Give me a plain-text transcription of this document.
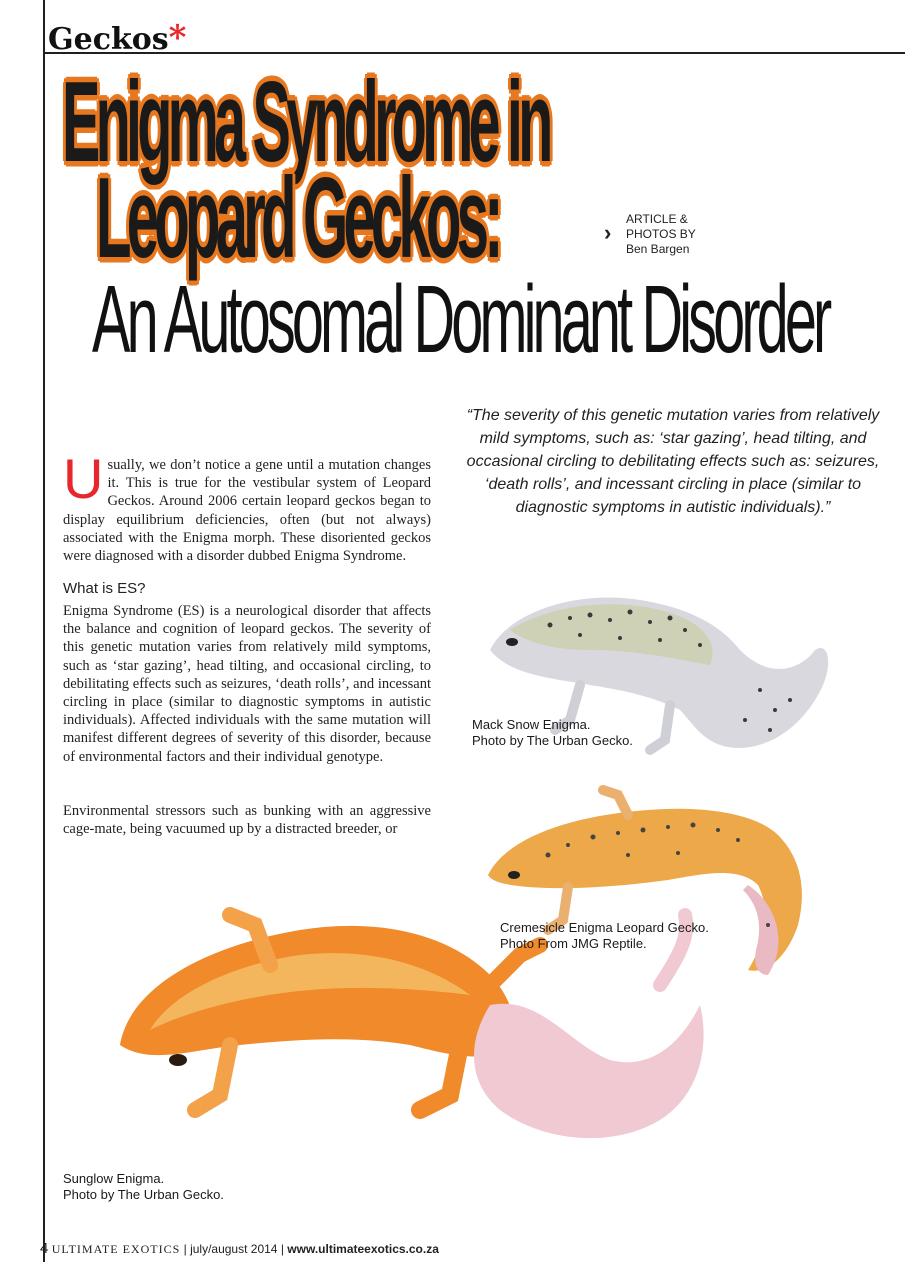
Geckos*
Enigma Syndrome in
Leopard Geckos:
An Autosomal Dominant Disorder
›
ARTICLE &
PHOTOS BY
Ben Bargen
Usually, we don’t notice a gene until a mutation changes it. This is true for the vestibular system of Leopard Geckos. Around 2006 certain leopard geckos began to display equilibrium deficiencies, often (but not always) associated with the Enigma morph. These disoriented geckos were diagnosed with a disorder dubbed Enigma Syndrome.
What is ES?
Enigma Syndrome (ES) is a neurological disorder that affects the balance and cognition of leopard geckos. The severity of this genetic mutation varies from relatively mild symptoms, such as ‘star gazing’, head tilting, and occasional circling, to debilitating effects such as seizures, ‘death rolls’, and incessant circling in place (similar to diagnostic symptoms in autistic individuals). Affected individuals with the same mutation will manifest different degrees of severity of this disorder, because of environmental factors and their individual genotype.
Environmental stressors such as bunking with an aggressive cage-mate, being vacuumed up by a distracted breeder, or
“The severity of this genetic mutation varies from relatively mild symptoms, such as: ‘star gazing’, head tilting, and occasional circling to debilitating effects such as: seizures, ‘death rolls’, and incessant circling in place (similar to diagnostic symptoms in autistic individuals).”
Mack Snow Enigma.
Photo by The Urban Gecko.
Cremesicle Enigma Leopard Gecko.
Photo From JMG Reptile.
Sunglow Enigma.
Photo by The Urban Gecko.
4 ULTIMATE EXOTICS | july/august 2014 | www.ultimateexotics.co.za
